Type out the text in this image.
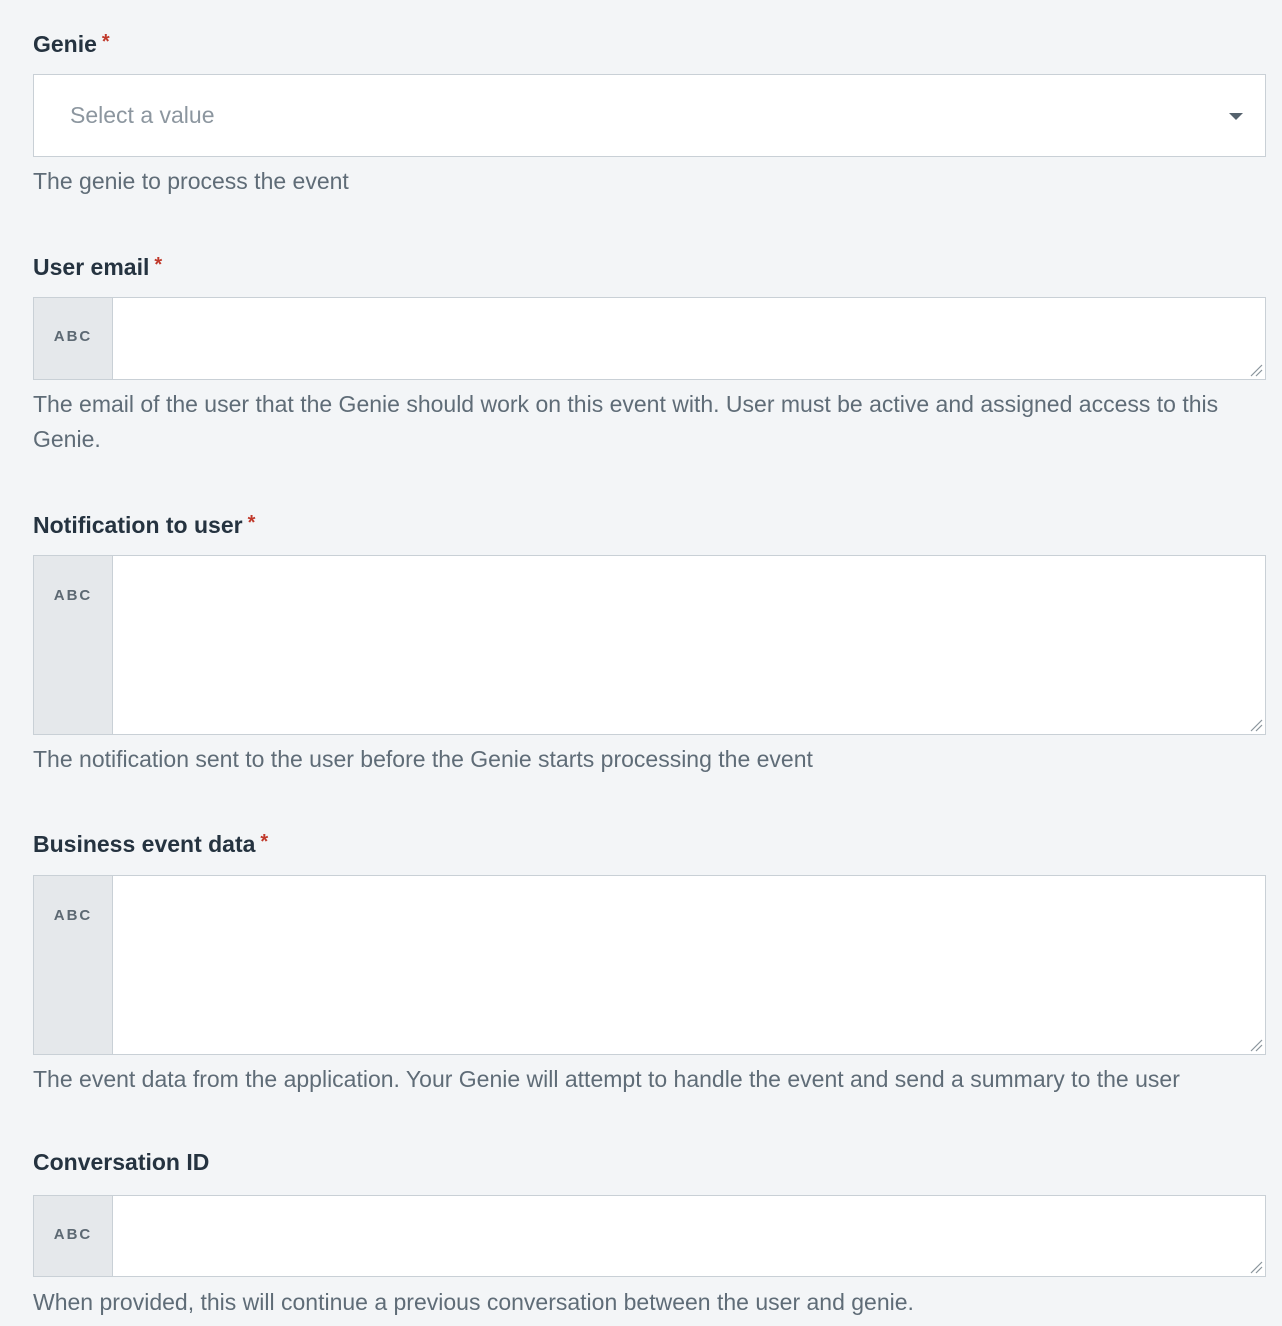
Genie *
Select a value
The genie to process the event
User email *
ABC
The email of the user that the Genie should work on this event with. User must be active and assigned access to this Genie.
Notification to user *
ABC
The notification sent to the user before the Genie starts processing the event
Business event data *
ABC
The event data from the application. Your Genie will attempt to handle the event and send a summary to the user
Conversation ID
ABC
When provided, this will continue a previous conversation between the user and genie.
